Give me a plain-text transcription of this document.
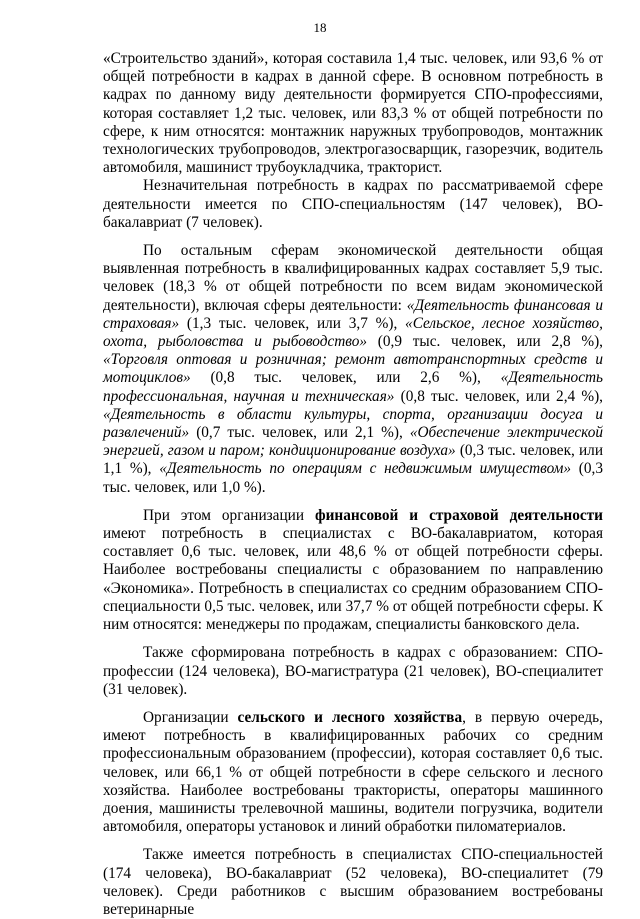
18

«Строительство зданий», которая составила 1,4 тыс. человек, или 93,6 % от общей потребности в кадрах в данной сфере. В основном потребность в кадрах по данному виду деятельности формируется СПО-профессиями, которая составляет 1,2 тыс. человек, или 83,3 % от общей потребности по сфере, к ним относятся: монтажник наружных трубопроводов, монтажник технологических трубопроводов, электрогазосварщик, газорезчик, водитель автомобиля, машинист трубоукладчика, тракторист.

Незначительная потребность в кадрах по рассматриваемой сфере деятельности имеется по СПО-специальностям (147 человек), ВО-бакалавриат (7 человек).

По остальным сферам экономической деятельности общая выявленная потребность в квалифицированных кадрах составляет 5,9 тыс. человек (18,3 % от общей потребности по всем видам экономической деятельности), включая сферы деятельности: «Деятельность финансовая и страховая» (1,3 тыс. человек, или 3,7 %), «Сельское, лесное хозяйство, охота, рыболовства и рыбоводство» (0,9 тыс. человек, или 2,8 %), «Торговля оптовая и розничная; ремонт автотранспортных средств и мотоциклов» (0,8 тыс. человек, или 2,6 %), «Деятельность профессиональная, научная и техническая» (0,8 тыс. человек, или 2,4 %), «Деятельность в области культуры, спорта, организации досуга и развлечений» (0,7 тыс. человек, или 2,1 %), «Обеспечение электрической энергией, газом и паром; кондиционирование воздуха» (0,3 тыс. человек, или 1,1 %), «Деятельность по операциям с недвижимым имуществом» (0,3 тыс. человек, или 1,0 %).

При этом организации финансовой и страховой деятельности имеют потребность в специалистах с ВО-бакалавриатом, которая составляет 0,6 тыс. человек, или 48,6 % от общей потребности сферы. Наиболее востребованы специалисты с образованием по направлению «Экономика». Потребность в специалистах со средним образованием СПО-специальности 0,5 тыс. человек, или 37,7 % от общей потребности сферы. К ним относятся: менеджеры по продажам, специалисты банковского дела.

Также сформирована потребность в кадрах с образованием: СПО-профессии (124 человека), ВО-магистратура (21 человек), ВО-специалитет (31 человек).

Организации сельского и лесного хозяйства, в первую очередь, имеют потребность в квалифицированных рабочих со средним профессиональным образованием (профессии), которая составляет 0,6 тыс. человек, или 66,1 % от общей потребности в сфере сельского и лесного хозяйства. Наиболее востребованы трактористы, операторы машинного доения, машинисты трелевочной машины, водители погрузчика, водители автомобиля, операторы установок и линий обработки пиломатериалов.

Также имеется потребность в специалистах СПО-специальностей (174 человека), ВО-бакалавриат (52 человека), ВО-специалитет (79 человек). Среди работников с высшим образованием востребованы ветеринарные
